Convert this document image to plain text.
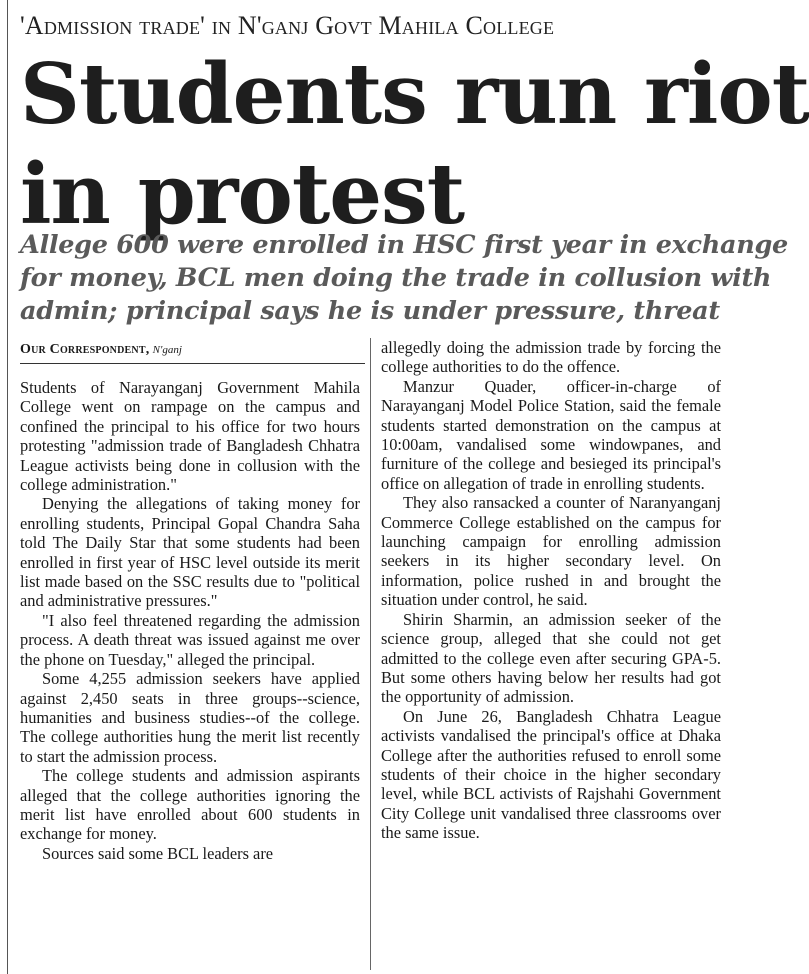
'Admission trade' in N'ganj Govt Mahila College
Students run riot
in protest
Allege 600 were enrolled in HSC first year in exchange
for money, BCL men doing the trade in collusion with
admin; principal says he is under pressure, threat
Our Correspondent, N'ganj

Students of Narayanganj Government Mahila College went on rampage on the campus and confined the principal to his office for two hours protesting "admission trade of Bangladesh Chhatra League activists being done in collusion with the college administration."

Denying the allegations of taking money for enrolling students, Principal Gopal Chandra Saha told The Daily Star that some students had been enrolled in first year of HSC level outside its merit list made based on the SSC results due to "political and administrative pressures."

"I also feel threatened regarding the admission process. A death threat was issued against me over the phone on Tuesday," alleged the principal.

Some 4,255 admission seekers have applied against 2,450 seats in three groups--science, humanities and business studies--of the college. The college authorities hung the merit list recently to start the admission process.

The college students and admission aspirants alleged that the college authorities ignoring the merit list have enrolled about 600 students in exchange for money.

Sources said some BCL leaders are

allegedly doing the admission trade by forcing the college authorities to do the offence.

Manzur Quader, officer-in-charge of Narayanganj Model Police Station, said the female students started demonstration on the campus at 10:00am, vandalised some windowpanes, and furniture of the college and besieged its principal's office on allegation of trade in enrolling students.

They also ransacked a counter of Naranyanganj Commerce College established on the campus for launching campaign for enrolling admission seekers in its higher secondary level. On information, police rushed in and brought the situation under control, he said.

Shirin Sharmin, an admission seeker of the science group, alleged that she could not get admitted to the college even after securing GPA-5. But some others having below her results had got the opportunity of admission.

On June 26, Bangladesh Chhatra League activists vandalised the principal's office at Dhaka College after the authorities refused to enroll some students of their choice in the higher secondary level, while BCL activists of Rajshahi Government City College unit vandalised three classrooms over the same issue.
